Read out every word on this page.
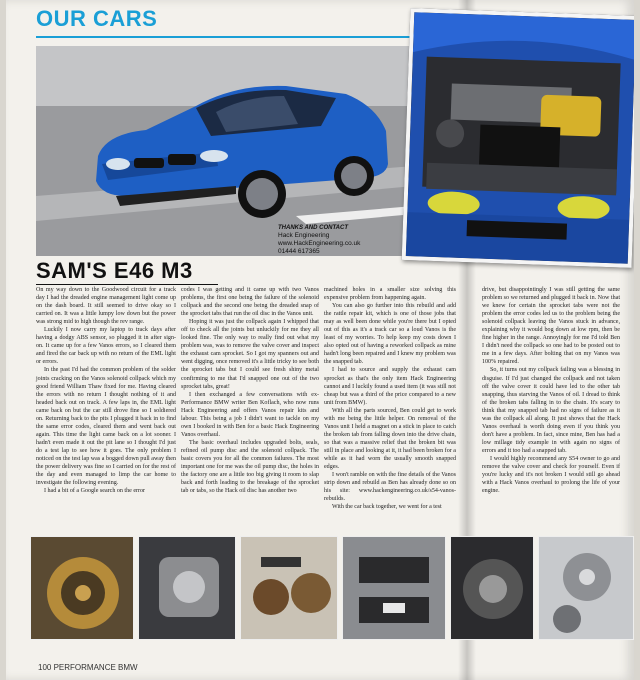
OUR CARS
THANKS AND CONTACT
Hack Engineering
www.HackEngineering.co.uk
01444 617365
SAM'S E46 M3

On my way down to the Goodwood circuit for a track day I had the dreaded engine management light come up on the dash board. It still seemed to drive okay so I carried on. It was a little lumpy low down but the power was strong mid to high though the rev range.

Luckily I now carry my laptop to track days after having a dodgy ABS sensor, so plugged it in after sign-on. It came up for a few Vanos errors, so I cleared them and fired the car back up with no return of the EML light or errors.

In the past I'd had the common problem of the solder joints cracking on the Vanos solenoid collpack which my good friend William Thaw fixed for me. Having cleared the errors with no return I thought nothing of it and headed back out on track. A few laps in, the EML light came back on but the car still drove fine so I soldiered on. Returning back to the pits I plugged it back in to find the same error codes, cleared them and went back out again. This time the light came back on a lot sooner. I hadn't even made it out the pit lane so I thought I'd just do a test lap to see how it goes. The only problem I noticed on the test lap was a bogged down pull away then the power delivery was fine so I carried on for the rest of the day and even managed to limp the car home to investigate the following evening.

I had a bit of a Google search on the error

codes I was getting and it came up with two Vanos problems, the first one being the failure of the solenoid collpack and the second one being the dreaded snap of the sprocket tabs that run the oil disc in the Vanos unit.

Hoping it was just the collpack again I whipped that off to check all the joints but unluckily for me they all looked fine. The only way to really find out what my problem was, was to remove the valve cover and inspect the exhaust cam sprocket. So I got my spanners out and went digging, once removed it's a little tricky to see both the sprocket tabs but I could see fresh shiny metal confirming to me that I'd snapped one out of the two sprocket tabs, great!

I then exchanged a few conversations with ex-Performance BMW writer Ben Koflach, who now runs Hack Engineering and offers Vanos repair kits and labour. This being a job I didn't want to tackle on my own I booked in with Ben for a basic Hack Engineering Vanos overhaul.

The basic overhaul includes upgraded bolts, seals, refined oil pump disc and the solenoid collpack. The basic covers you for all the common failures. The most important one for me was the oil pump disc, the holes in the factory one are a little too big giving it room to slap back and forth leading to the breakage of the sprocket tab or tabs, so the Hack oil disc has another two

machined holes in a smaller size solving this expensive problem from happening again.

You can also go further into this rebuild and add the rattle repair kit, which is one of those jobs that may as well been done while you're there but I opted out of this as it's a track car so a loud Vanos is the least of my worries. To help keep my costs down I also opted out of having a reworked collpack as mine hadn't long been repaired and I knew my problem was the snapped tab.

I had to source and supply the exhaust cam sprocket as that's the only item Hack Engineering cannot and I luckily found a used item (it was still not cheap but was a third of the price compared to a new unit from BMW).

With all the parts sourced, Ben could get to work with me being the little helper. On removal of the Vanos unit I held a magnet on a stick in place to catch the broken tab from falling down into the drive chain, so that was a massive relief that the broken bit was still in place and looking at it, it had been broken for a while as it had worn the usually smooth snapped edges.

I won't ramble on with the fine details of the Vanos strip down and rebuild as Ben has already done so on his site: www.hackengineering.co.uk/s54-vanos-rebuilds.

With the car back together, we went for a test

drive, but disappointingly I was still getting the same problem so we returned and plugged it back in. Now that we knew for certain the sprocket tabs were not the problem the error codes led us to the problem being the solenoid collpack leaving the Vanos stuck in advance, explaining why it would bog down at low rpm, then be fine higher in the range. Annoyingly for me I'd told Ben I didn't need the collpack so one had to be posted out to me in a few days. After bolting that on my Vanos was 100% repaired.

So, it turns out my collpack failing was a blessing in disguise. If I'd just changed the collpack and not taken off the valve cover it could have led to the other tab snapping, thus starving the Vanos of oil. I dread to think of the broken tabs falling in to the chain. It's scary to think that my snapped tab had no signs of failure as it was the collpack all along. It just shows that the Hack Vanos overhaul is worth doing even if you think you don't have a problem. In fact, since mine, Ben has had a low millage tidy example in with again no signs of errors and it too had a snapped tab.

I would highly recommend any S54 owner to go and remove the valve cover and check for yourself. Even if you're lucky and it's not broken I would still go ahead with a Hack Vanos overhaul to prolong the life of your engine.

100 PERFORMANCE BMW
